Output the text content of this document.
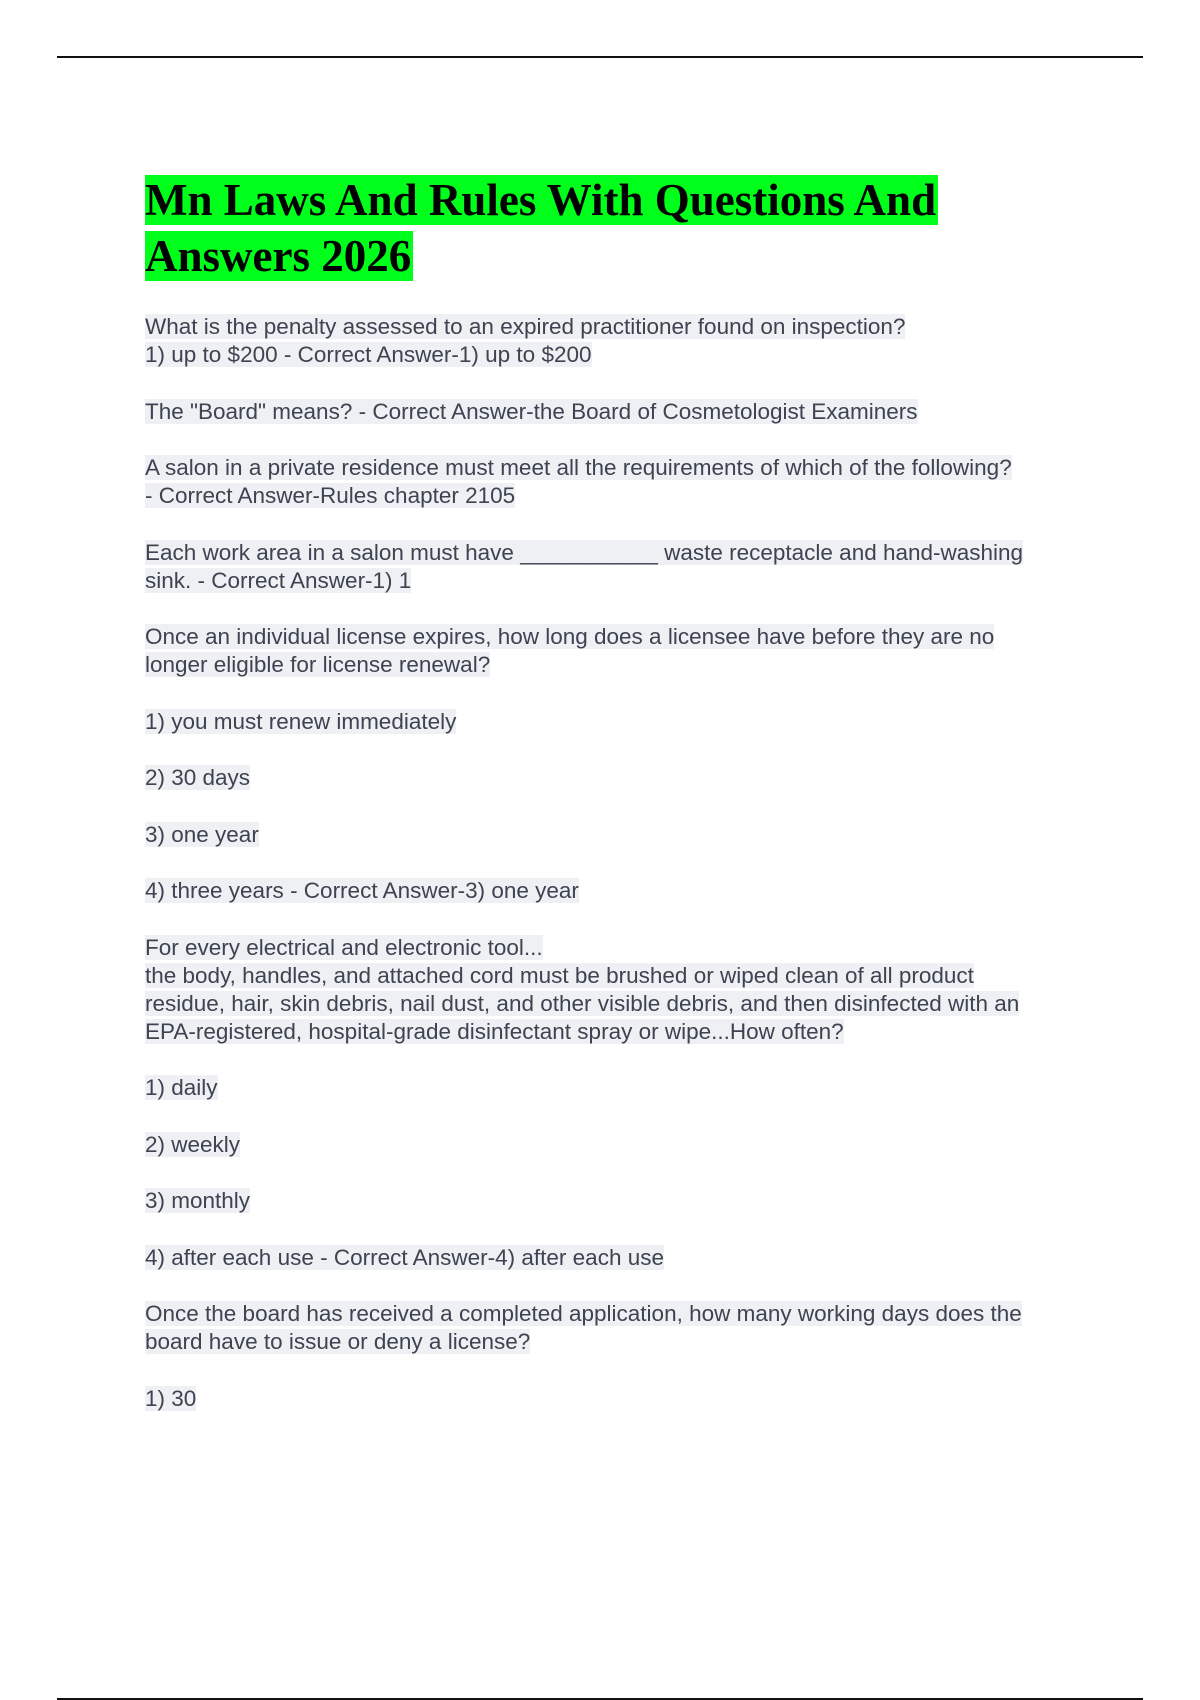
Mn Laws And Rules With Questions And
Answers 2026
What is the penalty assessed to an expired practitioner found on inspection?
1) up to $200 - Correct Answer-1) up to $200
The "Board" means? - Correct Answer-the Board of Cosmetologist Examiners
A salon in a private residence must meet all the requirements of which of the following?
- Correct Answer-Rules chapter 2105
Each work area in a salon must have ___________ waste receptacle and hand-washing
sink. - Correct Answer-1) 1
Once an individual license expires, how long does a licensee have before they are no
longer eligible for license renewal?
1) you must renew immediately
2) 30 days
3) one year
4) three years - Correct Answer-3) one year
For every electrical and electronic tool...
the body, handles, and attached cord must be brushed or wiped clean of all product
residue, hair, skin debris, nail dust, and other visible debris, and then disinfected with an
EPA-registered, hospital-grade disinfectant spray or wipe...How often?
1) daily
2) weekly
3) monthly
4) after each use - Correct Answer-4) after each use
Once the board has received a completed application, how many working days does the
board have to issue or deny a license?
1) 30
